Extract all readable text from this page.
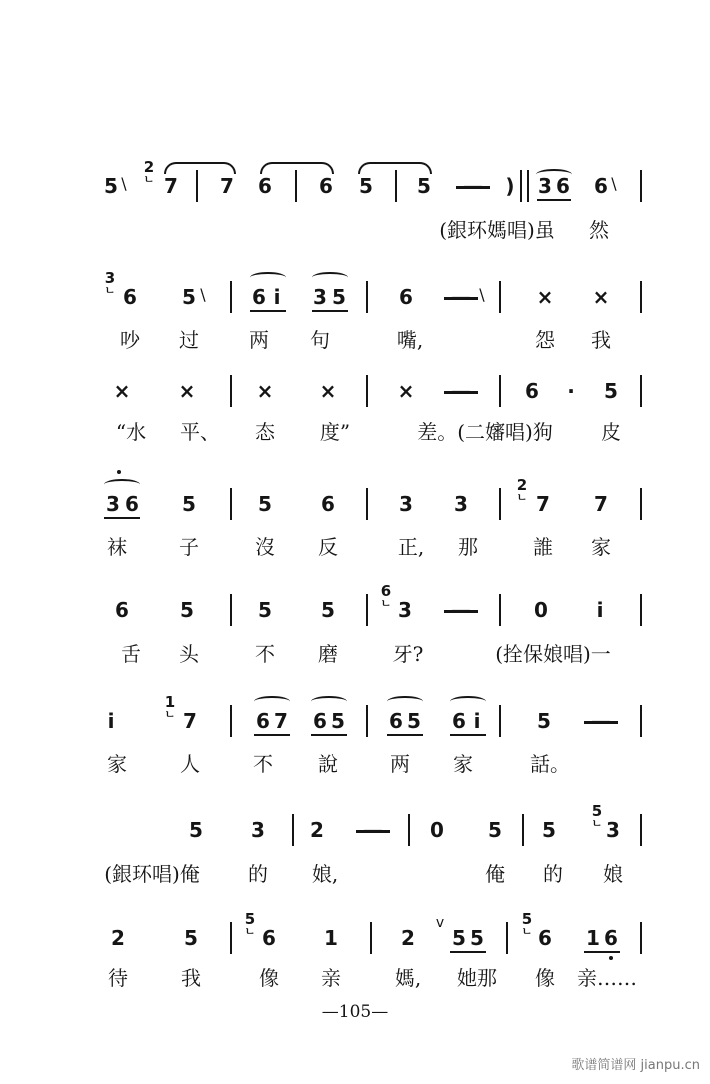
5 \
2
ㄴ 7 7 6 6 5 5	) 3 6 6 \
(銀环媽唱)虽 然
3
ㄴ 6 5 \ 6 i 3 5	6	\	× ×
吵 过	两 句	嘴,	怨 我
× ×	× ×	×	6 · 5
“水 平、 态 度”	差。(二嬸唱)狗 皮
3 6 5	5 6	3 3
2
ㄴ 7 7
袜	子	沒 反	正, 那	誰 家
6	5	5 5
6
ㄴ 3	0 i
舌 头	不 磨	牙?	(拴保娘唱)一
i
1
ㄴ 7	6 7 6 5 6 5 6 i	5
家	人	不 說	两 家	話。
5 3 2	0 5 5
5
ㄴ 3
(銀环唱)俺 的 娘,	俺 的 娘
2	5
5
ㄴ 6 1	2
v
5 5
5
ㄴ 6 1 6
待	我	像 亲	媽, 她那 像 亲……
—105—
歌谱简谱网 jianpu.cn
